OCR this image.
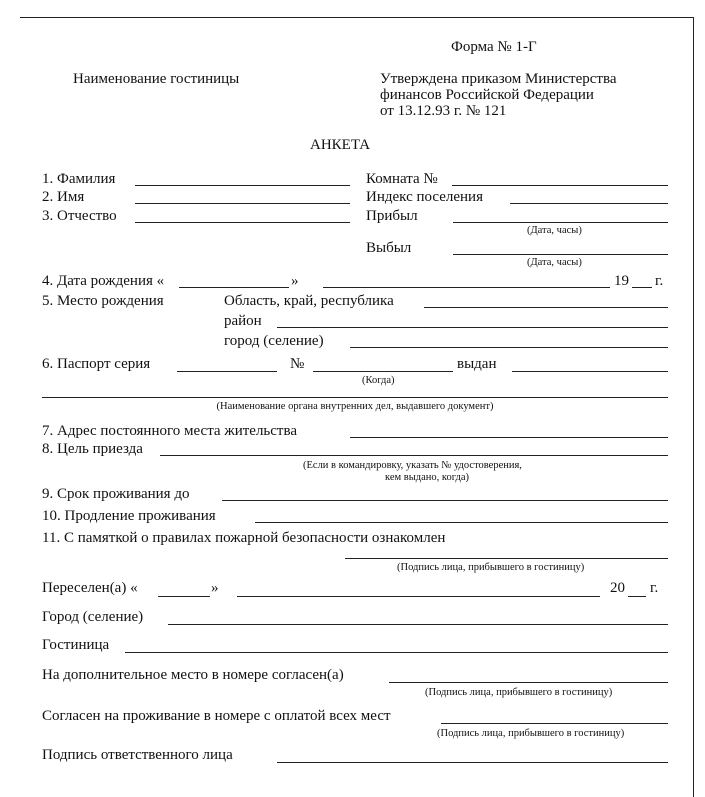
Форма № 1-Г
Наименование гостиницы	Утверждена приказом Министерства
финансов Российской Федерации
от 13.12.93 г. № 121
АНКЕТА
1. Фамилия
2. Имя
3. Отчество
Комната №
Индекс поселения
Прибыл
(Дата, часы)
Выбыл
(Дата, часы)
4. Дата рождения «	»	19 г.
5. Место рождения	Область, край, республика
район
город (селение)
6. Паспорт серия	№	выдан
(Когда)
(Наименование органа внутренних дел, выдавшего документ)
7. Адрес постоянного места жительства
8. Цель приезда
(Если в командировку, указать № удостоверения,
кем выдано, когда)
9. Срок проживания до
10. Продление проживания
11. С памяткой о правилах пожарной безопасности ознакомлен
(Подпись лица, прибывшего в гостиницу)
Переселен(а) «	»	20 г.
Город (селение)
Гостиница
На дополнительное место в номере согласен(а)
(Подпись лица, прибывшего в гостиницу)
Согласен на проживание в номере с оплатой всех мест
(Подпись лица, прибывшего в гостиницу)
Подпись ответственного лица
